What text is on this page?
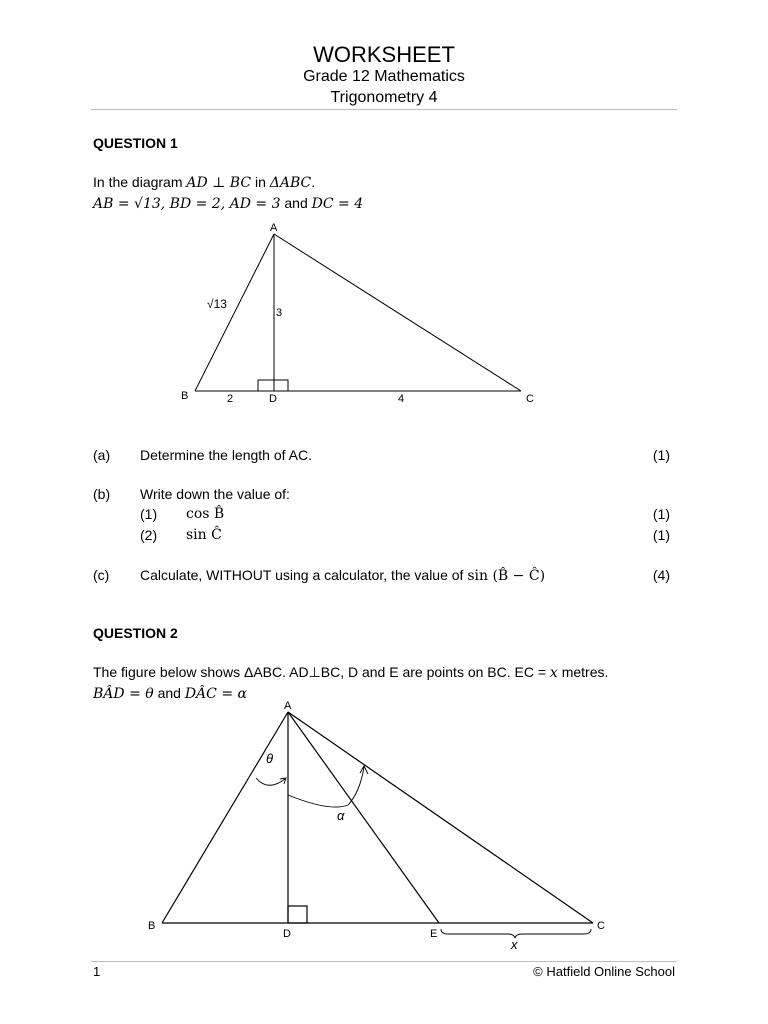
WORKSHEET
Grade 12 Mathematics
Trigonometry 4
QUESTION 1
In the diagram AD ⊥ BC in ΔABC.
AB = √13, BD = 2, AD = 3 and DC = 4
A
B	C
D
√13
3
2	4
(a) Determine the length of AC.	(1)
(b) Write down the value of:
(1) cos B̂	(1)
(2) sin Ĉ	(1)
(c) Calculate, WITHOUT using a calculator, the value of sin (B̂ − Ĉ)	(4)
QUESTION 2
The figure below shows ΔABC. AD⊥BC, D and E are points on BC. EC = x metres.
BÂD = θ and DÂC = α
A
B	C
D	E
θ
α
x
1	© Hatfield Online School
